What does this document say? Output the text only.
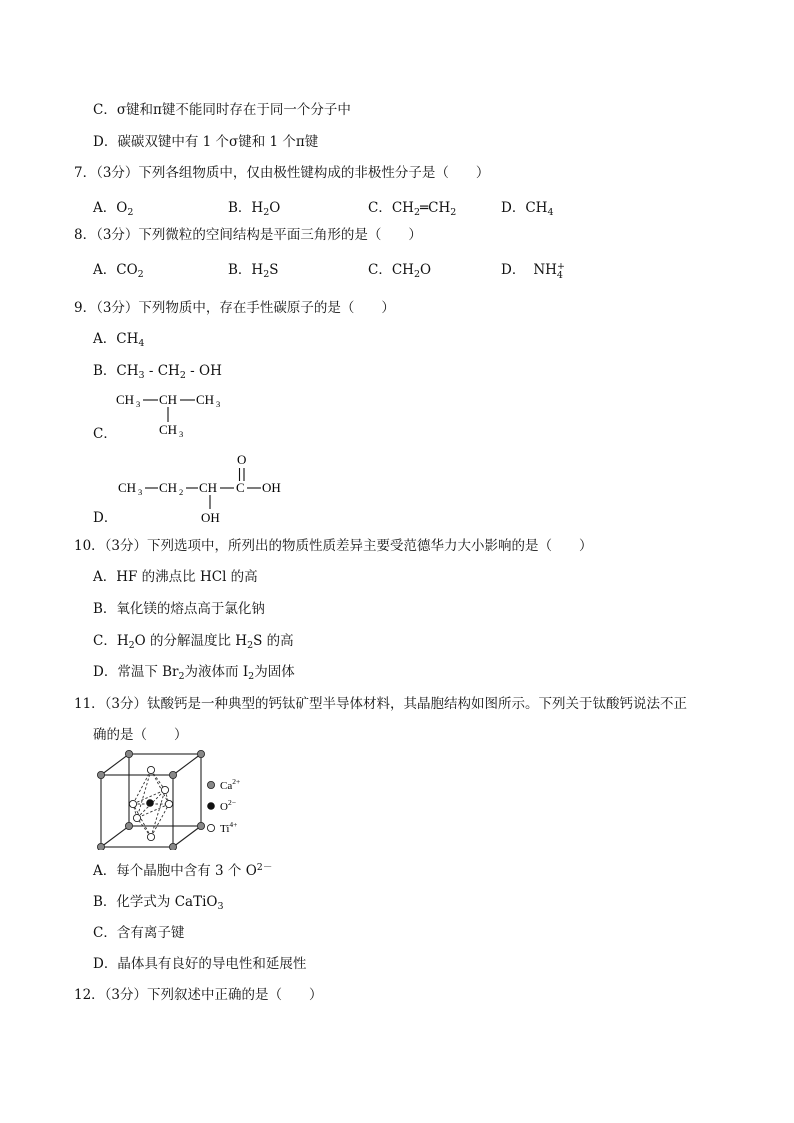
C．σ键和π键不能同时存在于同一个分子中
D．碳碳双键中有 1 个σ键和 1 个π键
7．（3分）下列各组物质中，仅由极性键构成的非极性分子是（　　）
A．$O_2$	B．$H_2O$	C．$CH_2═CH_2$	D．$CH_4$
8．（3分）下列微粒的空间结构是平面三角形的是（　　）
A．$CO_2$	B．$H_2S$	C．$CH_2O$	D． $NH_4^+$
9．（3分）下列物质中，存在手性碳原子的是（　　）
A．$CH_4$
B．$CH_3 - CH_2$ - OH
C．
CH 3 CH CH 3
CH 3
D．
O
CH 3 CH 2 CH C OH
OH
10．（3分）下列选项中，所列出的物质性质差异主要受范德华力大小影响的是（　　）
A．HF 的沸点比 HCl 的高
B．氧化镁的熔点高于氯化钠
C．$H_2O$ 的分解温度比 $H_2S$ 的高
D．常温下 $Br_2$为液体而 $I_2$为固体
11．（3分）钛酸钙是一种典型的钙钛矿型半导体材料，其晶胞结构如图所示。下列关于钛酸钙说法不正
确的是（　　）
$Ca^{2+}$
$O^{2-}$
$Ti^{4+}$
A．每个晶胞中含有 3 个 $O^{2-}$
B．化学式为 CaTiO$_3$
C．含有离子键
D．晶体具有良好的导电性和延展性
12．（3分）下列叙述中正确的是（　　）
